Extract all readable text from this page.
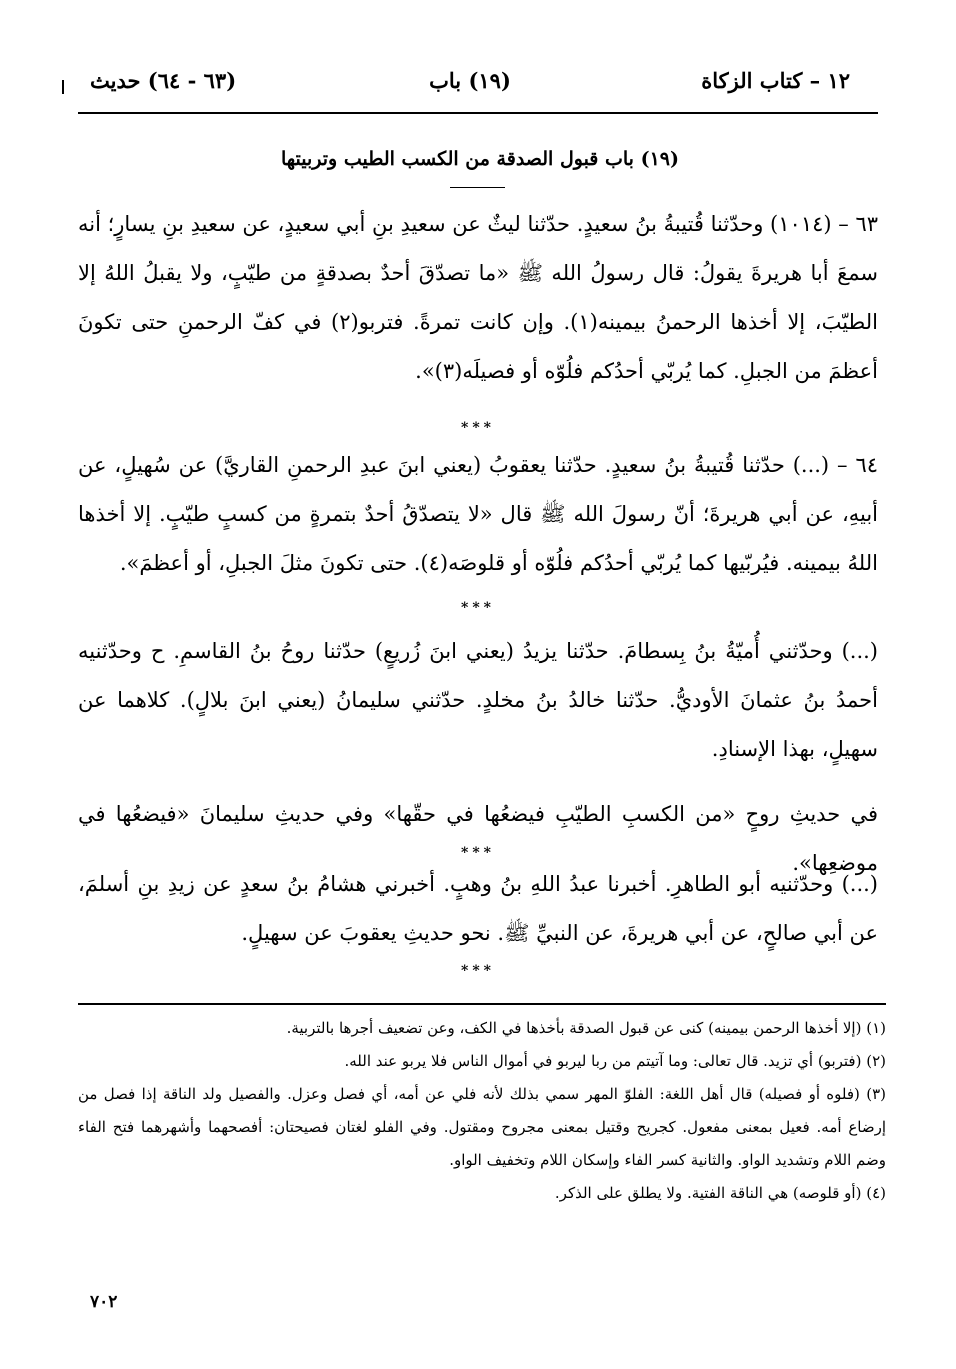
١٢ – كتاب الزكاة
(١٩) باب
(٦٣ - ٦٤) حديث
(١٩) باب قبول الصدقة من الكسب الطيب وتربيتها
٦٣ – (١٠١٤) وحدّثنا قُتيبةُ بنُ سعيدٍ. حدّثنا ليثٌ عن سعيدِ بنِ أبي سعيدٍ، عن سعيدِ بنِ يسارٍ؛ أنه سمعَ أبا هريرةَ يقولُ: قال رسولُ الله ﷺ «ما تصدّقَ أحدٌ بصدقةٍ من طيّبٍ، ولا يقبلُ اللهُ إلا الطيّبَ، إلا أخذها الرحمنُ بيمينه(١). وإن كانت تمرةً. فتربو(٢) في كفّ الرحمنِ حتى تكونَ أعظمَ من الجبلِ. كما يُربّي أحدُكم فلُوّه أو فصيلَه(٣)».
***
٦٤ – (...) حدّثنا قُتيبةُ بنُ سعيدٍ. حدّثنا يعقوبُ (يعني ابنَ عبدِ الرحمنِ القاريَّ) عن سُهيلٍ، عن أبيهِ، عن أبي هريرةَ؛ أنّ رسولَ الله ﷺ قال «لا يتصدّقُ أحدٌ بتمرةٍ من كسبٍ طيّبٍ. إلا أخذها اللهُ بيمينه. فيُربّيها كما يُربّي أحدُكم فلُوّه أو قلوصَه(٤). حتى تكونَ مثلَ الجبلِ، أو أعظمَ».
***
(...) وحدّثني أُميّةُ بنُ بِسطامَ. حدّثنا يزيدُ (يعني ابنَ زُريعٍ) حدّثنا روحُ بنُ القاسمِ. ح وحدّثنيه أحمدُ بنُ عثمانَ الأوديُّ. حدّثنا خالدُ بنُ مخلدٍ. حدّثني سليمانُ (يعني ابنَ بلالٍ). كلاهما عن سهيلٍ، بهذا الإسنادِ.
في حديثِ روحٍ «من الكسبِ الطيّبِ فيضعُها في حقّها» وفي حديثِ سليمانَ «فيضعُها في موضعِها».
***
(...) وحدّثنيه أبو الطاهرِ. أخبرنا عبدُ اللهِ بنُ وهبٍ. أخبرني هشامُ بنُ سعدٍ عن زيدِ بنِ أسلمَ، عن أبي صالحٍ، عن أبي هريرةَ، عن النبيِّ ﷺ. نحو حديثِ يعقوبَ عن سهيلٍ.
***

(١) (إلا أخذها الرحمن بيمينه) كنى عن قبول الصدقة بأخذها في الكف، وعن تضعيف أجرها بالتربية.

(٢) (فتربو) أي تزيد. قال تعالى: وما آتيتم من ربا ليربو في أموال الناس فلا يربو عند الله.

(٣) (فلوه أو فصيله) قال أهل اللغة: الفلوّ المهر سمي بذلك لأنه فلي عن أمه، أي فصل وعزل. والفصيل ولد الناقة إذا فصل من إرضاع أمه. فعيل بمعنى مفعول. كجريح وقتيل بمعنى مجروح ومقتول. وفي الفلو لغتان فصيحتان: أفصحهما وأشهرهما فتح الفاء وضم اللام وتشديد الواو. والثانية كسر الفاء وإسكان اللام وتخفيف الواو.

(٤) (أو قلوصه) هي الناقة الفتية. ولا يطلق على الذكر.

٧٠٢
